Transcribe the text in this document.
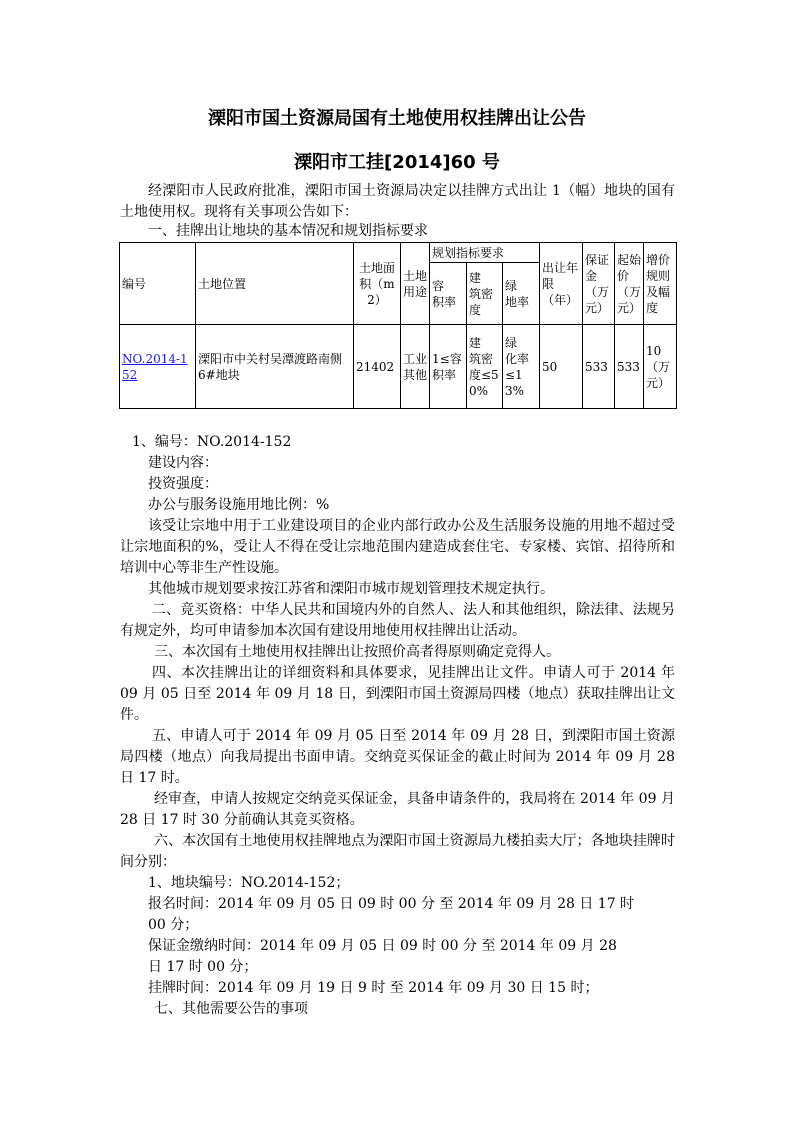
溧阳市国土资源局国有土地使用权挂牌出让公告
溧阳市工挂[2014]60 号
经溧阳市人民政府批准，溧阳市国土资源局决定以挂牌方式出让 1（幅）地块的国有土地使用权。现将有关事项公告如下：
一、挂牌出让地块的基本情况和规划指标要求
编号	土地位置	土地面积（m2）	土地用途	规划指标要求			出让年限（年）	保证金（万元）	起始价（万元）	增价规则及幅度
				容　积率	建　筑密度	绿　地率				
NO.2014-152	溧阳市中关村吴潭渡路南侧 6#地块	21402	工业其他	1≤容积率	建　筑密　度≤50%	绿　化率　≤13%	50	533	533	10（万元）
1、编号：NO.2014-152
建设内容：
投资强度：
办公与服务设施用地比例：%
该受让宗地中用于工业建设项目的企业内部行政办公及生活服务设施的用地不超过受让宗地面积的%，受让人不得在受让宗地范围内建造成套住宅、专家楼、宾馆、招待所和培训中心等非生产性设施。
其他城市规划要求按江苏省和溧阳市城市规划管理技术规定执行。
二、竞买资格：中华人民共和国境内外的自然人、法人和其他组织，除法律、法规另有规定外，均可申请参加本次国有建设用地使用权挂牌出让活动。
三、本次国有土地使用权挂牌出让按照价高者得原则确定竞得人。
四、本次挂牌出让的详细资料和具体要求，见挂牌出让文件。申请人可于 2014 年 09 月 05 日至 2014 年 09 月 18 日，到溧阳市国土资源局四楼（地点）获取挂牌出让文件。
五、申请人可于 2014 年 09 月 05 日至 2014 年 09 月 28 日，到溧阳市国土资源局四楼（地点）向我局提出书面申请。交纳竞买保证金的截止时间为 2014 年 09 月 28 日 17 时。
经审查，申请人按规定交纳竞买保证金，具备申请条件的，我局将在 2014 年 09 月 28 日 17 时 30 分前确认其竞买资格。
六、本次国有土地使用权挂牌地点为溧阳市国土资源局九楼拍卖大厅；各地块挂牌时间分别：
1、地块编号：NO.2014-152；
报名时间：2014 年 09 月 05 日 09 时 00 分 至 2014 年 09 月 28 日 17 时
00 分；
保证金缴纳时间：2014 年 09 月 05 日 09 时 00 分 至 2014 年 09 月 28
日 17 时 00 分；
挂牌时间：2014 年 09 月 19 日 9 时 至 2014 年 09 月 30 日 15 时；
七、其他需要公告的事项
